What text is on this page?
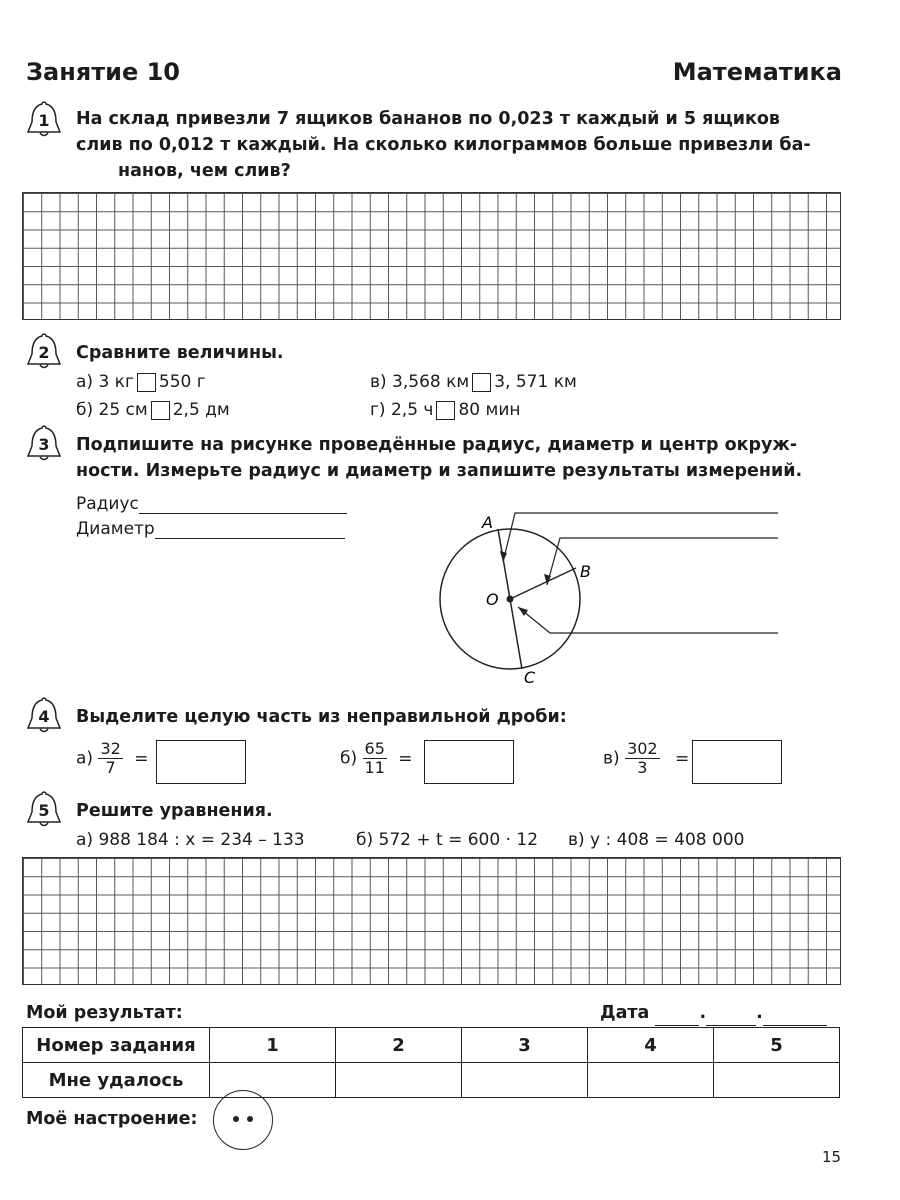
Занятие 10	Математика
1	На склад привезли 7 ящиков бананов по 0,023 т каждый и 5 ящиков
слив по 0,012 т каждый. На сколько килограммов больше привезли ба-
нанов, чем слив?
2	Сравните величины.
а) 3 кг 550 г
б) 25 см 2,5 дм
в) 3,568 км 3, 571 км
г) 2,5 ч 80 мин
3	Подпишите на рисунке проведённые радиус, диаметр и центр окруж-
ности. Измерьте радиус и диаметр и запишите результаты измерений.
Радиус
Диаметр	A
B
O
C
4	Выделите целую часть из неправильной дроби:
$а) \frac{32}{7}$ =	$б) \frac{65}{11}$ =	$в) \frac{302}{3}$ =
5	Решите уравнения.
а) 988 184 : x = 234 – 133	б) 572 + t = 600 · 12 в) y : 408 = 408 000
Мой результат:	Дата	.	.
Номер задания	1	2	3	4	5
Мне удалось					
Моё настроение:
15
